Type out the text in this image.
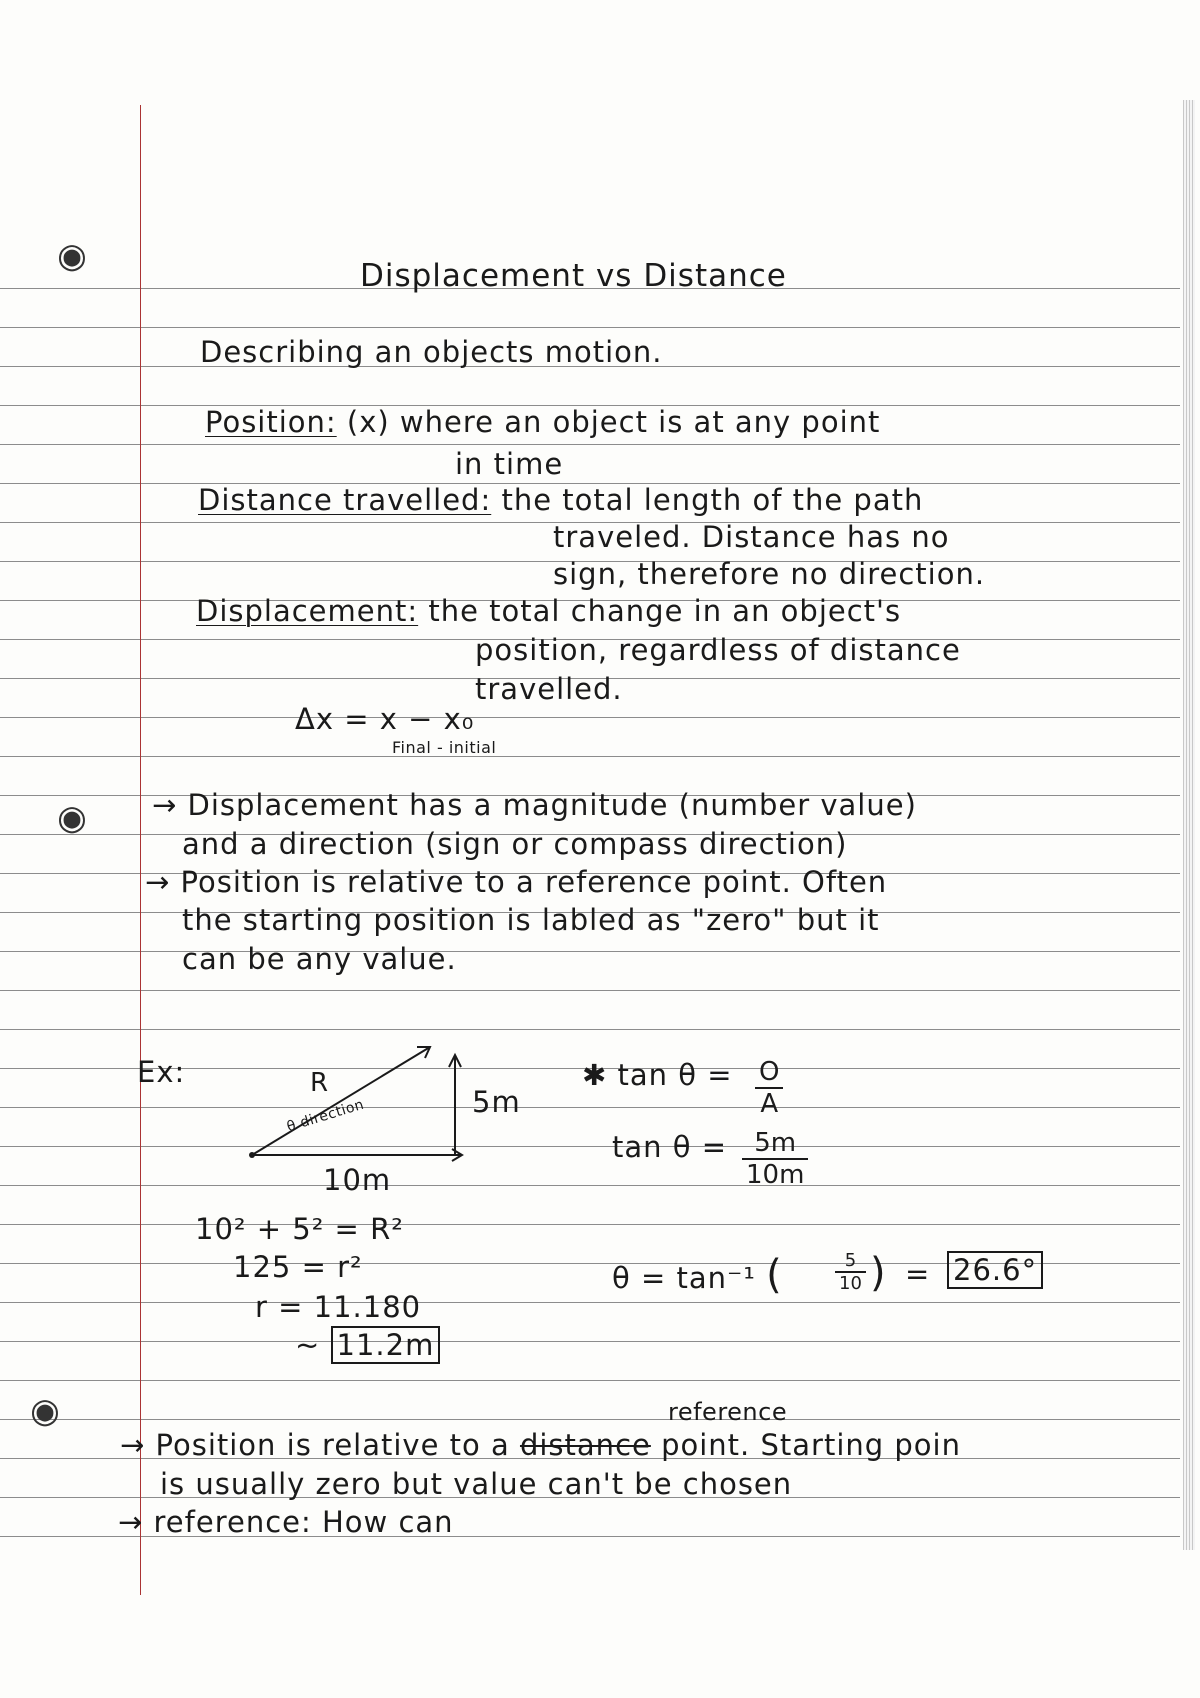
◉
◉
◉
Displacement vs Distance
Describing an objects motion.
Position: (x) where an object is at any point
in time
Distance travelled: the total length of the path
traveled. Distance has no
sign, therefore no direction.
Displacement: the total change in an object's
position, regardless of distance
travelled.
Δx = x − x₀
Final - initial
→ Displacement has a magnitude (number value)
and a direction (sign or compass direction)
→ Position is relative to a reference point. Often
the starting position is labled as "zero" but it
can be any value.
Ex:	R
θ direction	5m
10m
✱ $\tan \theta = \frac{O}{A}$
$\tan \theta = \frac{5m}{10m}$
10² + 5² = R²
125 = r²
r = 11.180
~ 11.2m
θ = tan⁻¹ (	$\frac{5}{10}$ ) = 26.6°
reference
→ Position is relative to a distance point. Starting poin
is usually zero but value can't be chosen
→ reference: How can
